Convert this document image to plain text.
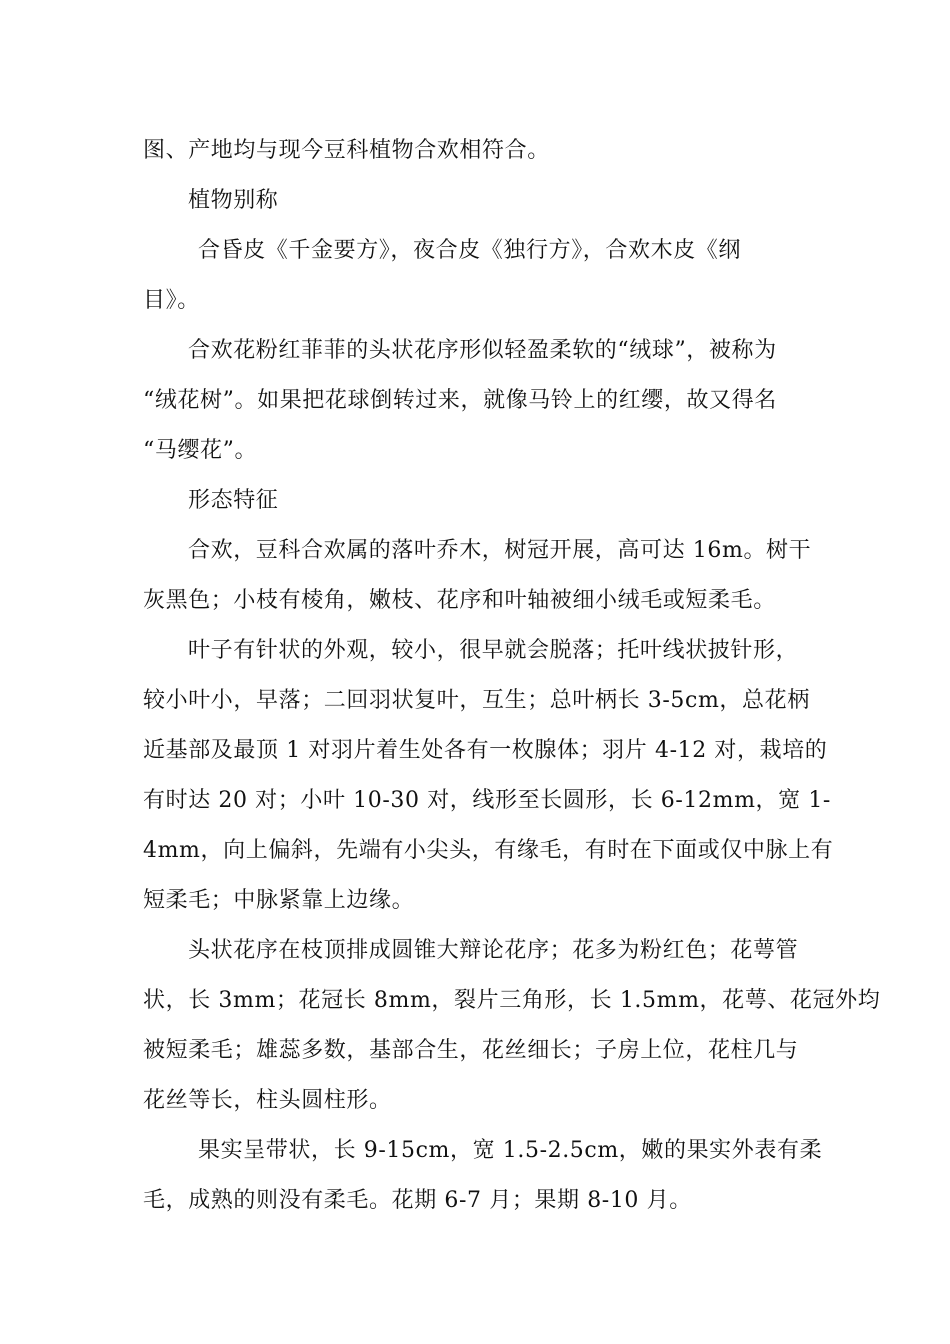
图、产地均与现今豆科植物合欢相符合。
植物别称
合昏皮《千金要方》，夜合皮《独行方》，合欢木皮《纲
目》。
合欢花粉红菲菲的头状花序形似轻盈柔软的“绒球”，被称为
“绒花树”。如果把花球倒转过来，就像马铃上的红缨，故又得名
“马缨花”。
形态特征
合欢，豆科合欢属的落叶乔木，树冠开展，高可达 16m。树干
灰黑色；小枝有棱角，嫩枝、花序和叶轴被细小绒毛或短柔毛。
叶子有针状的外观，较小，很早就会脱落；托叶线状披针形，
较小叶小，早落；二回羽状复叶，互生；总叶柄长 3-5cm，总花柄
近基部及最顶 1 对羽片着生处各有一枚腺体；羽片 4-12 对，栽培的
有时达 20 对；小叶 10-30 对，线形至长圆形，长 6-12mm，宽 1-
4mm，向上偏斜，先端有小尖头，有缘毛，有时在下面或仅中脉上有
短柔毛；中脉紧靠上边缘。
头状花序在枝顶排成圆锥大辩论花序；花多为粉红色；花萼管
状，长 3mm；花冠长 8mm，裂片三角形，长 1.5mm，花萼、花冠外均
被短柔毛；雄蕊多数，基部合生，花丝细长；子房上位，花柱几与
花丝等长，柱头圆柱形。
果实呈带状，长 9-15cm，宽 1.5-2.5cm，嫩的果实外表有柔
毛，成熟的则没有柔毛。花期 6-7 月；果期 8-10 月。
